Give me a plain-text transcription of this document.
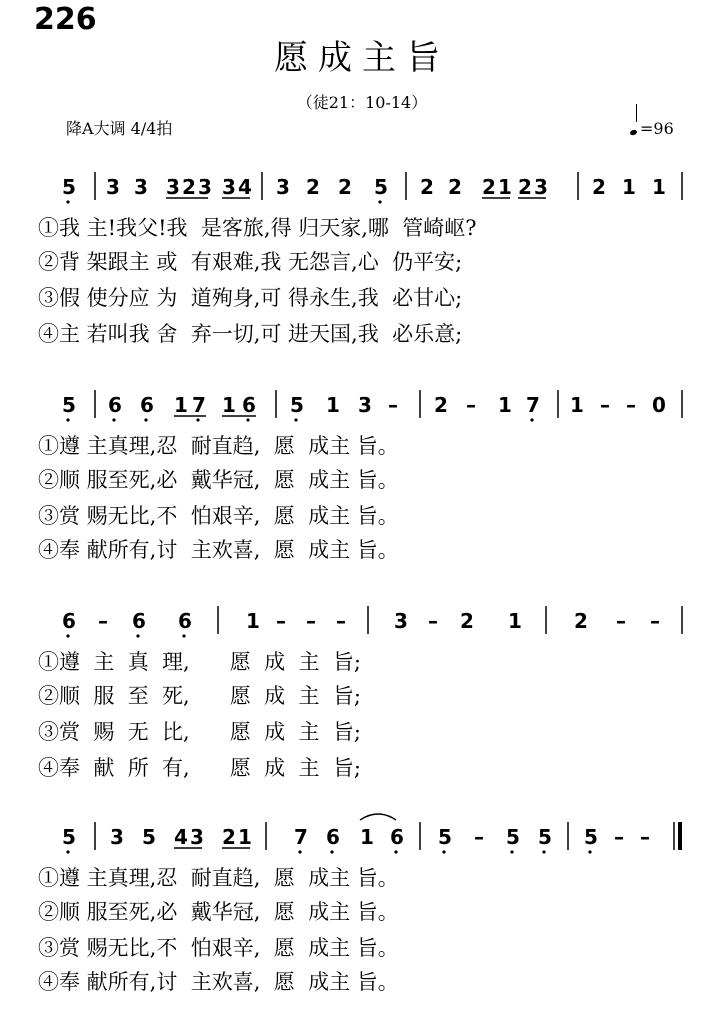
226
愿成主旨
（徒21：10-14）
降A大调 4/4拍	=96
5 3 3 3 2 3 3 4 3 2 2 5 2 2 2 1 2 3 2 1 1
①我 主!我父!我  是客旅,得 归天家,哪  管崎岖?
②背 架跟主 或  有艰难,我 无怨言,心  仍平安;
③假 使分应 为  道殉身,可 得永生,我  必甘心;
④主 若叫我 舍  弃一切,可 进天国,我  必乐意;
5 6 6 1 7 1 6 5 1 3 – 2 – 1 7 1 – – 0
①遵 主真理,忍  耐直趋,  愿  成主 旨。
②顺 服至死,必  戴华冠,  愿  成主 旨。
③赏 赐无比,不  怕艰辛,  愿  成主 旨。
④奉 献所有,讨  主欢喜,  愿  成主 旨。
6 – 6 6	1 – – – 3 – 2 1	2 – –
①遵  主  真  理,      愿  成  主  旨;
②顺  服  至  死,      愿  成  主  旨;
③赏  赐  无  比,      愿  成  主  旨;
④奉  献  所  有,      愿  成  主  旨;
5 3 5 4 3 2 1 7 6 1 6 5 – 5 5 5 – –
①遵 主真理,忍  耐直趋,  愿  成主 旨。
②顺 服至死,必  戴华冠,  愿  成主 旨。
③赏 赐无比,不  怕艰辛,  愿  成主 旨。
④奉 献所有,讨  主欢喜,  愿  成主 旨。
